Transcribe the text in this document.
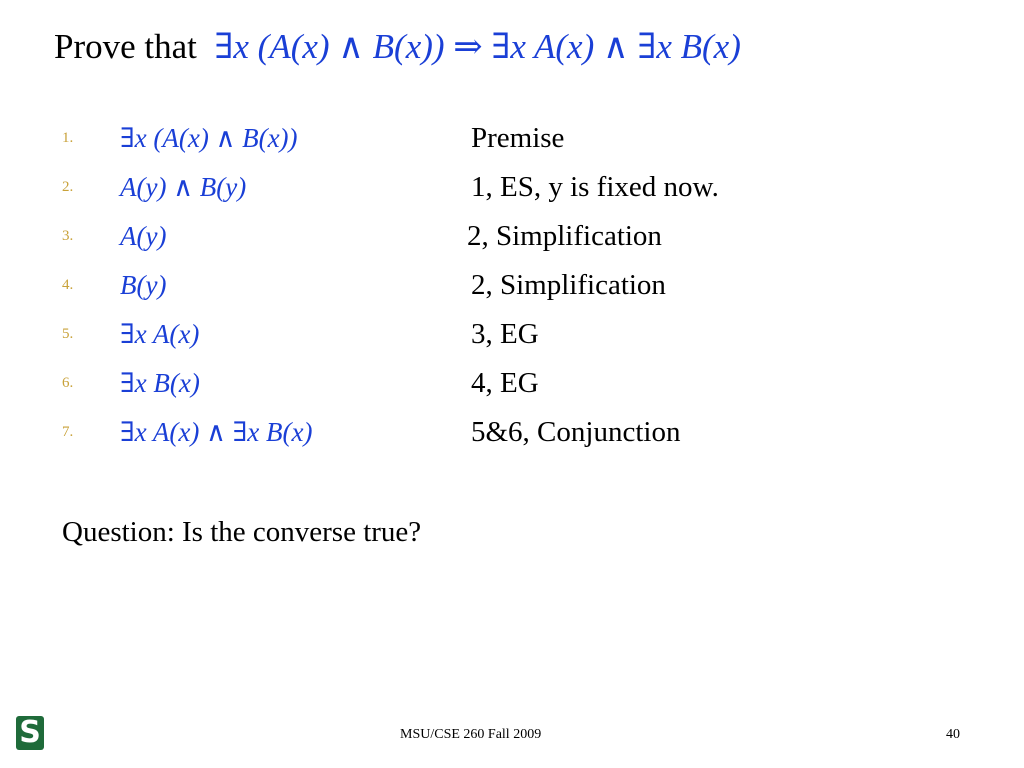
Prove that ∃x (A(x) ∧ B(x)) ⇒ ∃x A(x) ∧ ∃x B(x)
1. ∃x (A(x) ∧ B(x))	Premise
2. A(y) ∧ B(y)	1, ES, y is fixed now.
3. A(y)	2, Simplification
4. B(y)	2, Simplification
5. ∃x A(x)	3, EG
6. ∃x B(x)	4, EG
7. ∃x A(x) ∧ ∃x B(x)	5&6, Conjunction
Question: Is the converse true?
S	MSU/CSE 260 Fall 2009	40
